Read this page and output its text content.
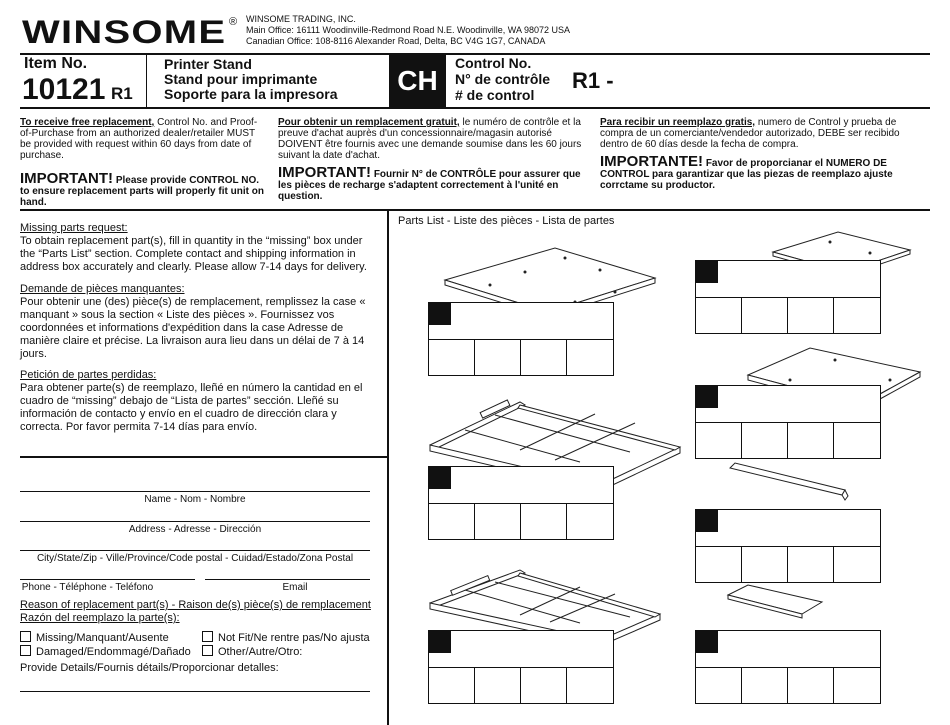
WINSOME ® WINSOME TRADING, INC.
Main Office: 16111 Woodinville-Redmond Road N.E. Woodinville, WA 98072 USA
Canadian Office: 108-8116 Alexander Road, Delta, BC V4G 1G7, CANADA
Item No.
10121 R1
Printer Stand
Stand pour imprimante
Soporte para la impresora CH
Control No.
N° de contrôle
# de control
R1 -
To receive free replacement, Control No. and Proof-of-Purchase from an authorized dealer/retailer MUST be provided with request within 60 days from date of purchase.
IMPORTANT! Please provide CONTROL NO. to ensure replacement parts will properly fit unit on hand.
Pour obtenir un remplacement gratuit, le numéro de contrôle et la preuve d'achat auprès d'un concessionnaire/magasin autorisé DOIVENT être fournis avec une demande soumise dans les 60 jours suivant la date d'achat.
IMPORTANT! Fournir N° de CONTRÔLE pour assurer que les pièces de recharge s'adaptent correctement à l'unité en question.
Para recibir un reemplazo gratis, numero de Control y prueba de compra de un comerciante/vendedor autorizado, DEBE ser recibido dentro de 60 días desde la fecha de compra.
IMPORTANTE! Favor de proporcianar el NUMERO DE CONTROL para garantizar que las piezas de reemplazo ajuste corrctame su productor.
Missing parts request:
To obtain replacement part(s), fill in quantity in the “missing” box under the “Parts List” section. Complete contact and shipping information in address box accurately and clearly. Please allow 7-14 days for delivery.
Demande de pièces manquantes:
Pour obtenir une (des) pièce(s) de remplacement, remplissez la case « manquant » sous la section « Liste des pièces ». Fournissez vos coordonnées et informations d'expédition dans la case Adresse de manière claire et précise. La livraison aura lieu dans un délai de 7 à 14 jours.
Petición de partes perdidas:
Para obtener parte(s) de reemplazo, lleñé en número la cantidad en el cuadro de “missing” debajo de “Lista de partes” sección. Lleñé su información de contacto y envío en el cuadro de dirección clara y correcta. Por favor permita 7-14 días para envío.
Name - Nom - Nombre
Address - Adresse - Dirección
City/State/Zip - Ville/Province/Code postal - Cuidad/Estado/Zona Postal
Phone - Téléphone - Teléfono	Email
Reason of replacement part(s) - Raison de(s) pièce(s) de remplacement
Razón del reemplazo la parte(s):
Missing/Manquant/Ausente	Not Fit/Ne rentre pas/No ajusta
Damaged/Endommagé/Dañado	Other/Autre/Otro:
Provide Details/Fournis détails/Proporcionar detalles:
Parts List - Liste des pièces - Lista de partes
